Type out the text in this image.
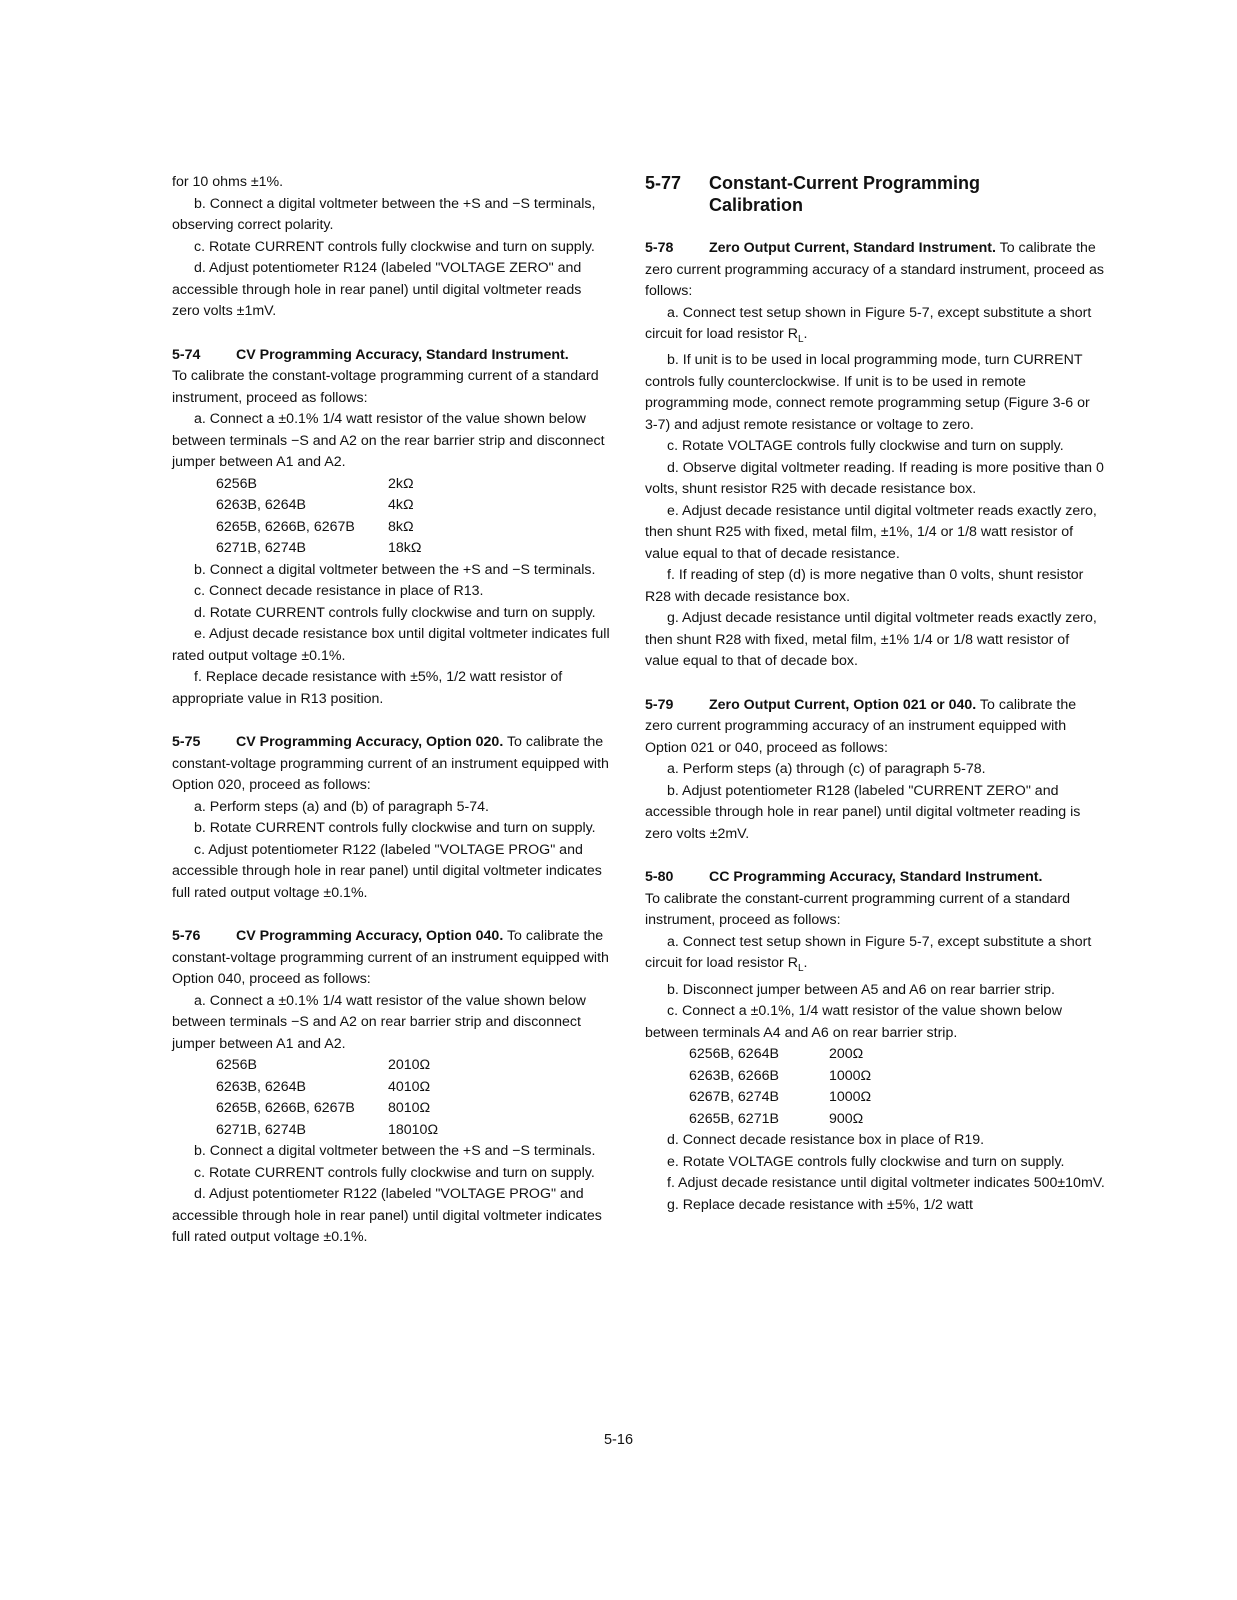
for 10 ohms ±1%.

b. Connect a digital voltmeter between the +S and −S terminals, observing correct polarity.

c. Rotate CURRENT controls fully clockwise and turn on supply.

d. Adjust potentiometer R124 (labeled "VOLTAGE ZERO" and accessible through hole in rear panel) until digital voltmeter reads zero volts ±1mV.

5-74	CV Programming Accuracy, Standard Instrument.

To calibrate the constant-voltage programming current of a standard instrument, proceed as follows:

a. Connect a ±0.1% 1/4 watt resistor of the value shown below between terminals −S and A2 on the rear barrier strip and disconnect jumper between A1 and A2.

6256B	2kΩ
6263B, 6264B	4kΩ
6265B, 6266B, 6267B	8kΩ
6271B, 6274B	18kΩ

b. Connect a digital voltmeter between the +S and −S terminals.

c. Connect decade resistance in place of R13.

d. Rotate CURRENT controls fully clockwise and turn on supply.

e. Adjust decade resistance box until digital voltmeter indicates full rated output voltage ±0.1%.

f. Replace decade resistance with ±5%, 1/2 watt resistor of appropriate value in R13 position.

5-75	CV Programming Accuracy, Option 020. To calibrate the constant-voltage programming current of an instrument equipped with Option 020, proceed as follows:

a. Perform steps (a) and (b) of paragraph 5-74.

b. Rotate CURRENT controls fully clockwise and turn on supply.

c. Adjust potentiometer R122 (labeled "VOLTAGE PROG" and accessible through hole in rear panel) until digital voltmeter indicates full rated output voltage ±0.1%.

5-76	CV Programming Accuracy, Option 040. To calibrate the constant-voltage programming current of an instrument equipped with Option 040, proceed as follows:

a. Connect a ±0.1% 1/4 watt resistor of the value shown below between terminals −S and A2 on rear barrier strip and disconnect jumper between A1 and A2.

6256B	2010Ω
6263B, 6264B	4010Ω
6265B, 6266B, 6267B	8010Ω
6271B, 6274B	18010Ω

b. Connect a digital voltmeter between the +S and −S terminals.

c. Rotate CURRENT controls fully clockwise and turn on supply.

d. Adjust potentiometer R122 (labeled "VOLTAGE PROG" and accessible through hole in rear panel) until digital voltmeter indicates full rated output voltage ±0.1%.

5-77	Constant-Current Programming Calibration

5-78	Zero Output Current, Standard Instrument. To calibrate the zero current programming accuracy of a standard instrument, proceed as follows:

a. Connect test setup shown in Figure 5-7, except substitute a short circuit for load resistor $R_L$.

b. If unit is to be used in local programming mode, turn CURRENT controls fully counterclockwise. If unit is to be used in remote programming mode, connect remote programming setup (Figure 3-6 or 3-7) and adjust remote resistance or voltage to zero.

c. Rotate VOLTAGE controls fully clockwise and turn on supply.

d. Observe digital voltmeter reading. If reading is more positive than 0 volts, shunt resistor R25 with decade resistance box.

e. Adjust decade resistance until digital voltmeter reads exactly zero, then shunt R25 with fixed, metal film, ±1%, 1/4 or 1/8 watt resistor of value equal to that of decade resistance.

f. If reading of step (d) is more negative than 0 volts, shunt resistor R28 with decade resistance box.

g. Adjust decade resistance until digital voltmeter reads exactly zero, then shunt R28 with fixed, metal film, ±1% 1/4 or 1/8 watt resistor of value equal to that of decade box.

5-79	Zero Output Current, Option 021 or 040. To calibrate the zero current programming accuracy of an instrument equipped with Option 021 or 040, proceed as follows:

a. Perform steps (a) through (c) of paragraph 5-78.

b. Adjust potentiometer R128 (labeled "CURRENT ZERO" and accessible through hole in rear panel) until digital voltmeter reading is zero volts ±2mV.

5-80	CC Programming Accuracy, Standard Instrument.

To calibrate the constant-current programming current of a standard instrument, proceed as follows:

a. Connect test setup shown in Figure 5-7, except substitute a short circuit for load resistor $R_L$.

b. Disconnect jumper between A5 and A6 on rear barrier strip.

c. Connect a ±0.1%, 1/4 watt resistor of the value shown below between terminals A4 and A6 on rear barrier strip.

6256B, 6264B	200Ω
6263B, 6266B	1000Ω
6267B, 6274B	1000Ω
6265B, 6271B	900Ω

d. Connect decade resistance box in place of R19.

e. Rotate VOLTAGE controls fully clockwise and turn on supply.

f. Adjust decade resistance until digital voltmeter indicates 500±10mV.

g. Replace decade resistance with ±5%, 1/2 watt

5-16
